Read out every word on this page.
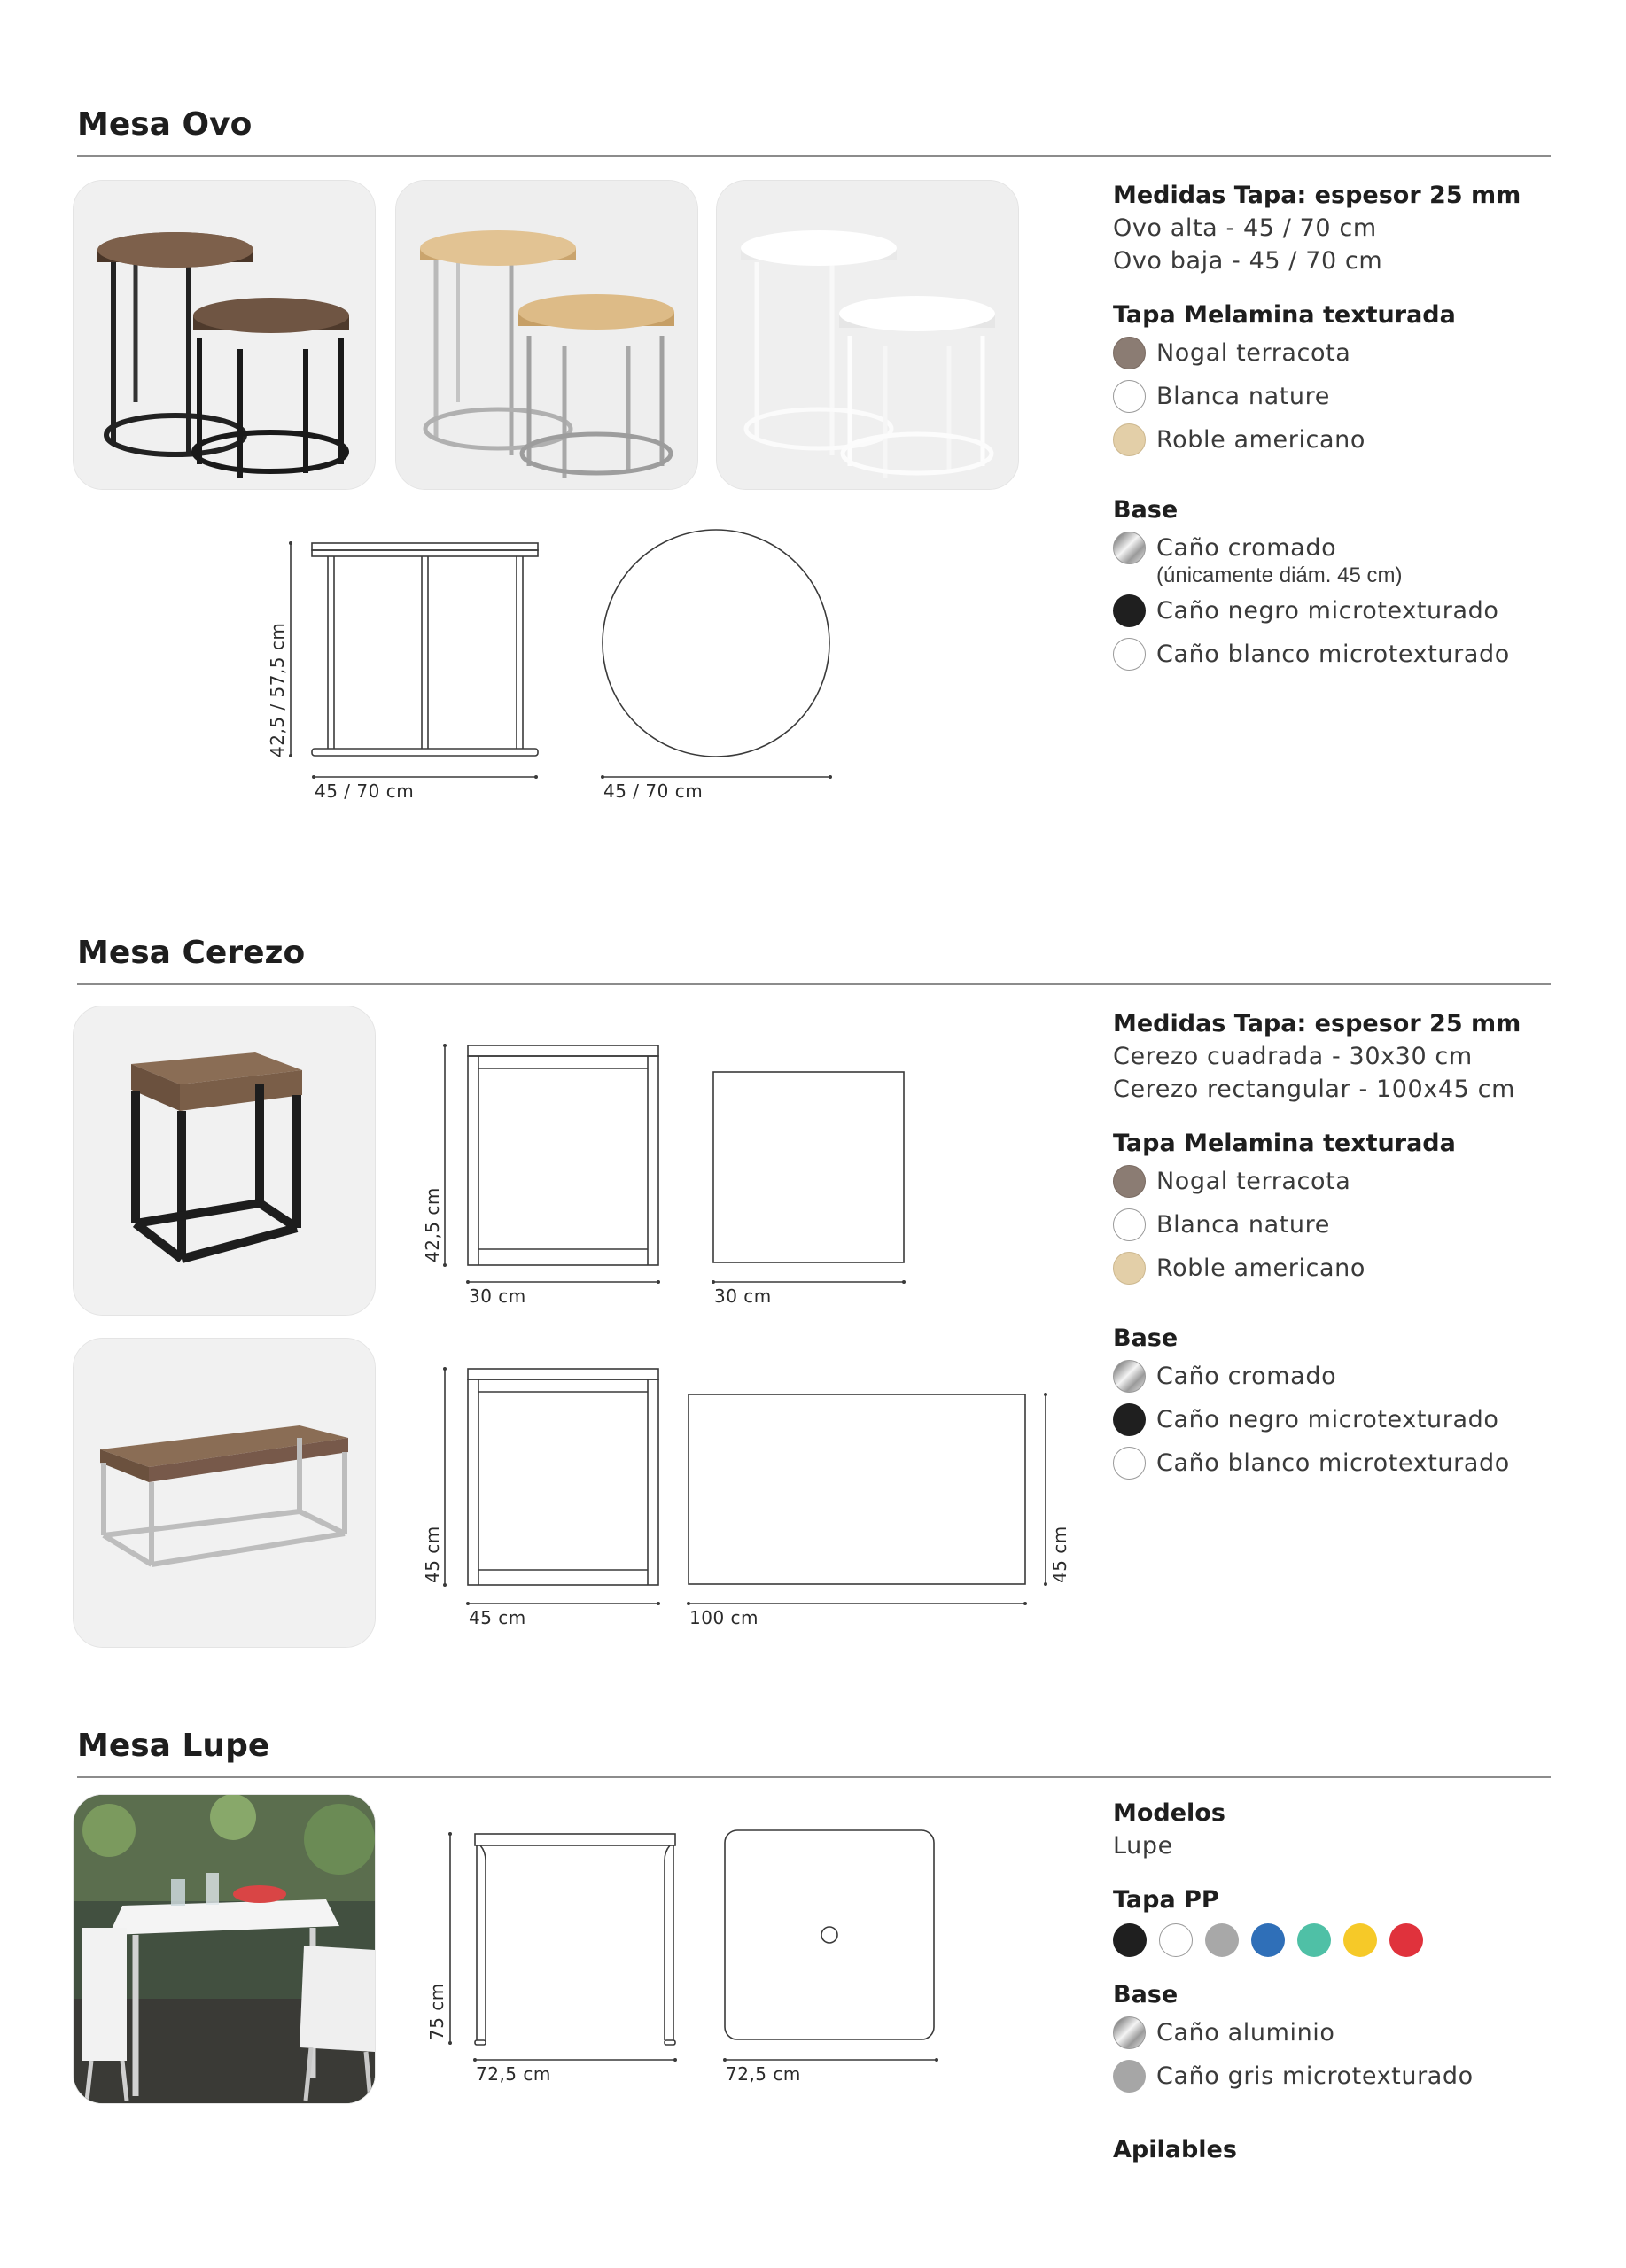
Mesa Ovo
45 / 70 cm	45 / 70 cm
42,5 / 57,5 cm
Medidas Tapa: espesor 25 mm
Ovo alta - 45 / 70 cm
Ovo baja - 45 / 70 cm
Tapa Melamina texturada
Nogal terracota
Blanca nature
Roble americano
Base
Caño cromado
(únicamente diám. 45 cm)
Caño negro microtexturado
Caño blanco microtexturado
Mesa Cerezo
30 cm	30 cm
42,5 cm
45 cm	100 cm
45 cm	45 cm
Medidas Tapa: espesor 25 mm
Cerezo cuadrada - 30x30 cm
Cerezo rectangular - 100x45 cm
Tapa Melamina texturada
Nogal terracota
Blanca nature
Roble americano
Base
Caño cromado
Caño negro microtexturado
Caño blanco microtexturado
Mesa Lupe
72,5 cm	72,5 cm
75 cm
Modelos
Lupe
Tapa PP
Base
Caño aluminio
Caño gris microtexturado
Apilables
